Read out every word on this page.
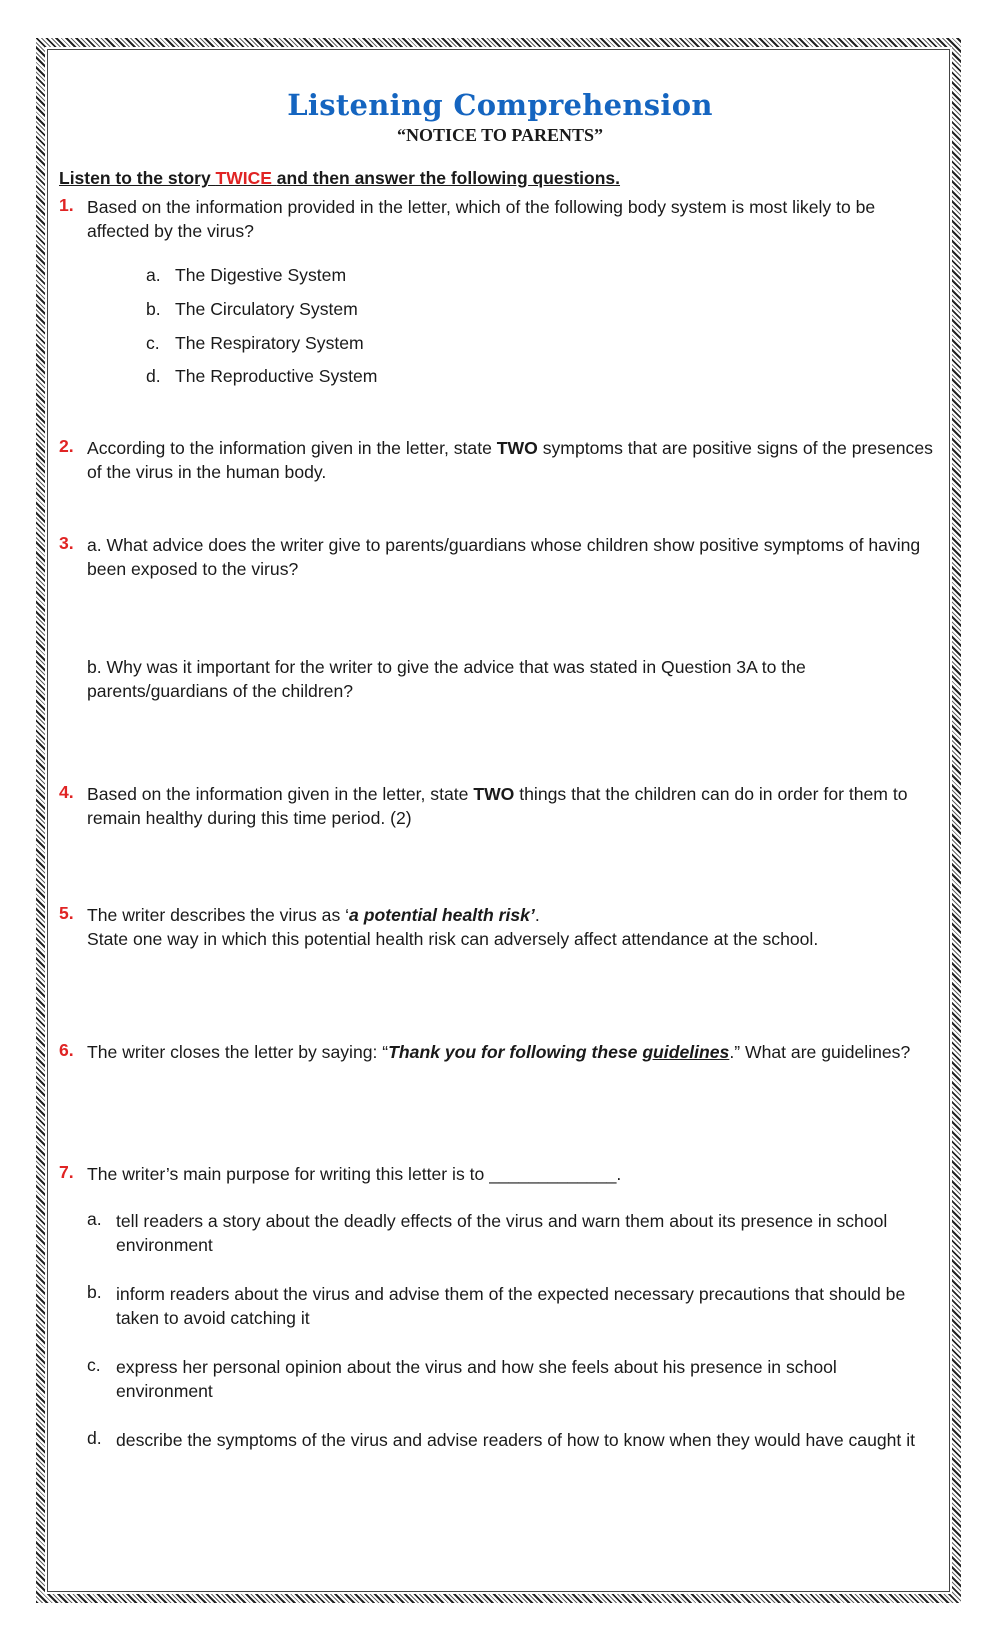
Listening Comprehension
“NOTICE TO PARENTS”
Listen to the story TWICE and then answer the following questions.
1. Based on the information provided in the letter, which of the following body system is most likely to be affected by the virus?

a. The Digestive System
b. The Circulatory System
c. The Respiratory System
d. The Reproductive System
2. According to the information given in the letter, state TWO symptoms that are positive signs of the presences of the virus in the human body.

3. a. What advice does the writer give to parents/guardians whose children show positive symptoms of having been exposed to the virus?

b. Why was it important for the writer to give the advice that was stated in Question 3A to the parents/guardians of the children?

4. Based on the information given in the letter, state TWO things that the children can do in order for them to remain healthy during this time period. (2)

5. The writer describes the virus as ‘a potential health risk’.
State one way in which this potential health risk can adversely affect attendance at the school.

6. The writer closes the letter by saying: “Thank you for following these guidelines.” What are guidelines?

7. The writer’s main purpose for writing this letter is to _____________.

a. tell readers a story about the deadly effects of the virus and warn them about its presence in school environment

b. inform readers about the virus and advise them of the expected necessary precautions that should be taken to avoid catching it

c. express her personal opinion about the virus and how she feels about his presence in school environment

d. describe the symptoms of the virus and advise readers of how to know when they would have caught it
